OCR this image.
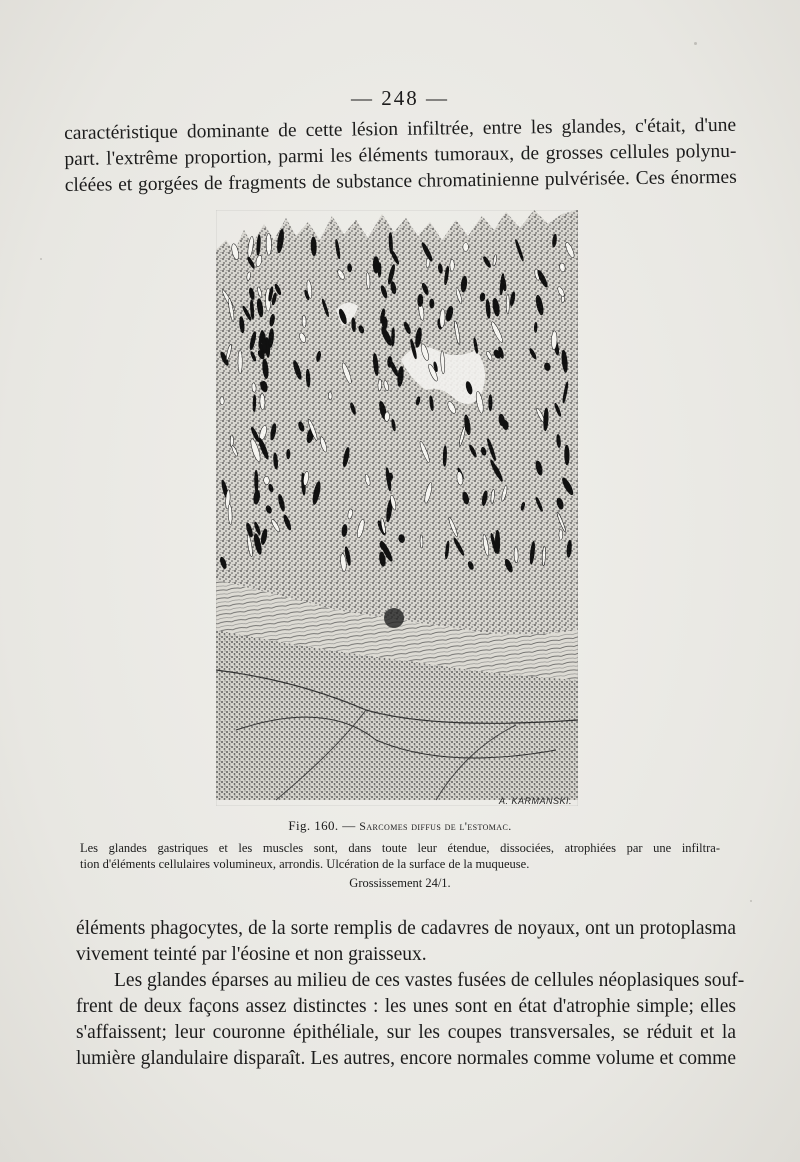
— 248 —

caractéristique dominante de cette lésion infiltrée, entre les glandes, c'était, d'une
part. l'extrême proportion, parmi les éléments tumoraux, de grosses cellules polynu-
cléées et gorgées de fragments de substance chromatinienne pulvérisée. Ces énormes

A. KARMANSKI.
Fig. 160. — Sarcomes diffus de l'estomac.

Les glandes gastriques et les muscles sont, dans toute leur étendue, dissociées, atrophiées par une infiltra-
tion d'éléments cellulaires volumineux, arrondis. Ulcération de la surface de la muqueuse.

Grossissement 24/1.

éléments phagocytes, de la sorte remplis de cadavres de noyaux, ont un protoplasma
vivement teinté par l'éosine et non graisseux.
Les glandes éparses au milieu de ces vastes fusées de cellules néoplasiques souf-
frent de deux façons assez distinctes : les unes sont en état d'atrophie simple; elles
s'affaissent; leur couronne épithéliale, sur les coupes transversales, se réduit et la
lumière glandulaire disparaît. Les autres, encore normales comme volume et comme
